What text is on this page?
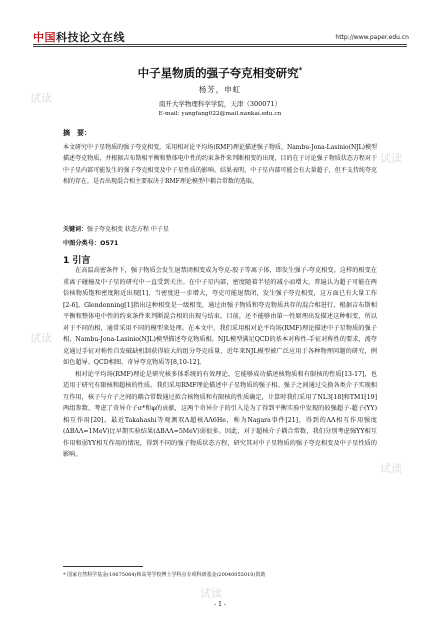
中国科技论文在线	http://www.paper.edu.cn
中子星物质的强子夸克相变研究*
杨芳，申虹
南开大学物理科学学院，天津（300071）
E-mail: yangfang022@mail.nankai.edu.cn
摘　要：

本文研究中子星物质的强子夸克相变。采用相对论平均场(RMF)理论描述强子物质，Nambu-Jona-Lasinio(NJL)模型描述夸克物质，并根据吉布斯相平衡和整体电中性的约束条件来判断相变的出现，目的在于讨论强子物质状态方程对于中子星内部可能发生的强子夸克相变及中子星性质的影响。结果表明，中子星内部可能会有大量超子，但不支持纯夸克相的存在，是否出现混合相主要取决于RMF理论模型中耦合常数的选取。

关键词：强子夸克相变 状态方程 中子星
中图分类号：O571
1 引言

在高温高密条件下，强子物质会发生退禁闭相变成为夸克-胶子等离子体，即发生强子-夸克相变。这样的相变在重离子碰撞及中子星的研究中一直受到关注。在中子星内部，密度随着半径的减小而增大，普遍认为超子可能在两倍核物质饱和密度附近出现[1]，当密度进一步增大，夸克可能退禁闭，发生强子夸克相变，这方面已有大量工作[2-6]。Glendenning[1]指出这种相变是一级相变，通过由强子物质和夸克物质共存的混合相进行，根据吉布斯相平衡和整体电中性的约束条件来判断混合相的出现与结束。目前，还不能够由第一性原理出发描述这种相变，所以对于不同的相，通常采用不同的模型来处理。在本文中，我们采用相对论平均场(RMF)理论描述中子星物质的强子相，Nambu-Jona-Lasinio(NJL)模型描述夸克物质相。NJL模型满足QCD的基本对称性-手征对称性的要求，流夸克通过手征对称性自发破缺机制获得较大的组分夸克质量，近年来NJL模型被广泛应用于各种物理问题的研究，例如色超导、QCD相图、奇异夸克物质等[8,10-12]。

相对论平均场(RMF)理论是研究核多体系统的有效理论，它能够成功描述核物质和有限核的性质[13-17]，也适用于研究有限核和超核的性质。我们采用RMF理论描述中子星物质的强子相。强子之间通过交换各类介子实现相互作用，核子与介子之间的耦合常数通过拟合核物质和有限核的性质确定，计算时我们采用了NL3[18]和TM1[19]两组参数，考虑了奇异介子σ*和φ的贡献，这两个奇异介子的引入是为了得到平衡实验中发现的较强超子-超子(YY)相互作用[20]。最近Takahashi等观测双Λ超核ΛΛ6He，称为Nagara事件[21]，得到的ΛΛ相互作用强度(ΔBΛΛ≈1MeV)比早期实验结果(ΔBΛΛ≈5MeV)弱很多。因此，对于超核介子耦合常数，我们分别考虑强YY相互作用和弱YY相互作用的情况，得到不同的强子物质状态方程，研究其对中子星物质的强子夸克相变及中子星性质的影响。

* 国家自然科学基金(10675064)和高等学校博士学科点专项科研基金(20040055010)资助
- 1 -
试读
试读
试读
试读
试读
